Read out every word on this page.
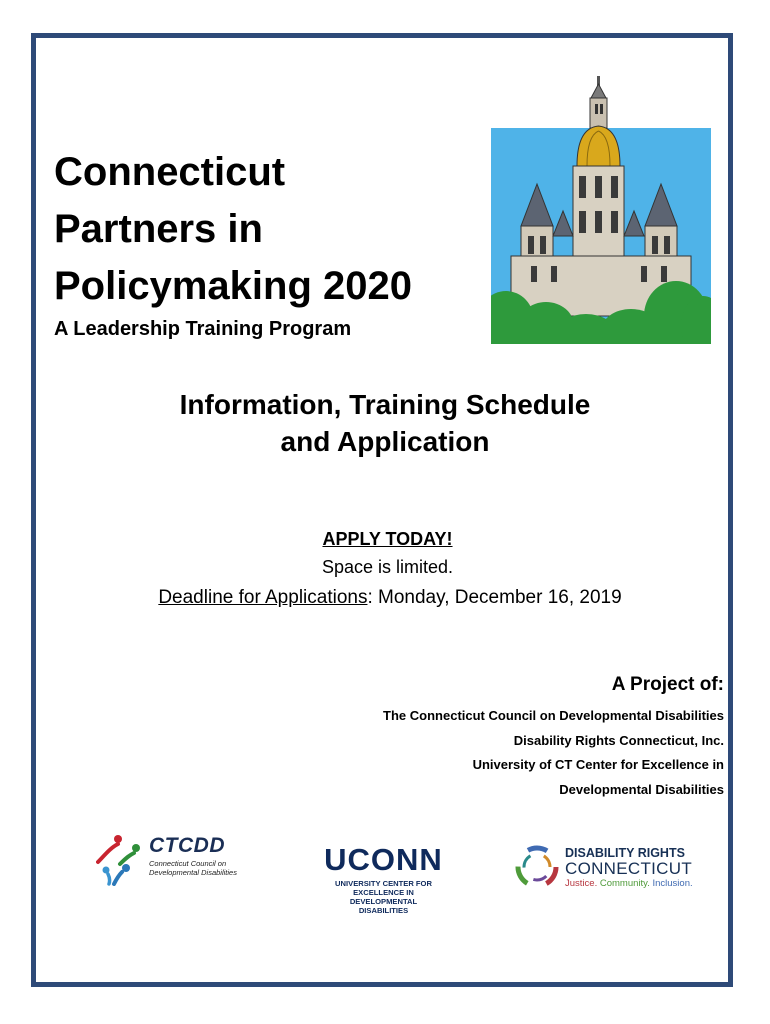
Connecticut
Partners in
Policymaking 2020

A Leadership Training Program

Information, Training Schedule
and Application

APPLY TODAY!

Space is limited.

Deadline for Applications: Monday, December 16, 2019

A Project of:

The Connecticut Council on Developmental Disabilities
Disability Rights Connecticut, Inc.
University of CT Center for Excellence in
Developmental Disabilities
CTCDD
Connecticut Council on
Developmental Disabilities	UCONN
UNIVERSITY CENTER FOR
EXCELLENCE IN
DEVELOPMENTAL
DISABILITIES
DISABILITY RIGHTS
CONNECTICUT
Justice. Community. Inclusion.
